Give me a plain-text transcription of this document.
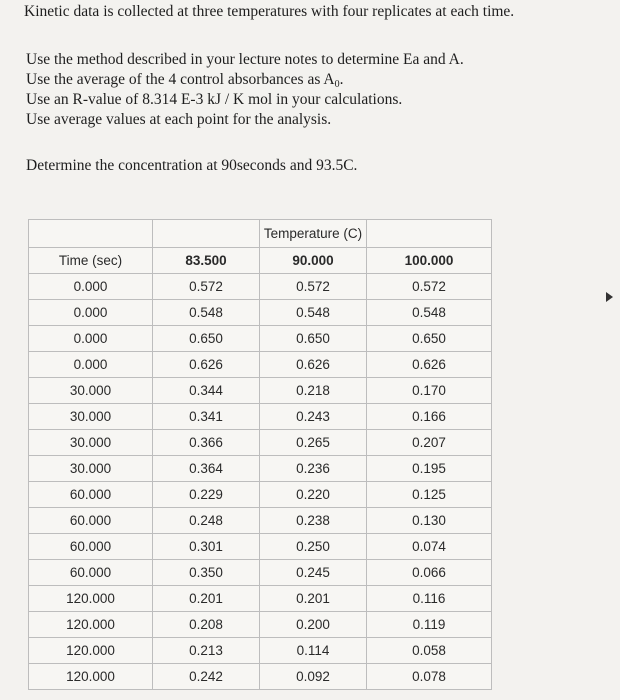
Kinetic data is collected at three temperatures with four replicates at each time.
Use the method described in your lecture notes to determine Ea and A.
Use the average of the 4 control absorbances as $A_0$.
Use an R-value of 8.314 E-3 kJ / K mol in your calculations.
Use average values at each point for the analysis.
Determine the concentration at 90seconds and 93.5C.
		Temperature (C)	
Time (sec)	83.500	90.000	100.000
0.000	0.572	0.572	0.572
0.000	0.548	0.548	0.548
0.000	0.650	0.650	0.650
0.000	0.626	0.626	0.626
30.000	0.344	0.218	0.170
30.000	0.341	0.243	0.166
30.000	0.366	0.265	0.207
30.000	0.364	0.236	0.195
60.000	0.229	0.220	0.125
60.000	0.248	0.238	0.130
60.000	0.301	0.250	0.074
60.000	0.350	0.245	0.066
120.000	0.201	0.201	0.116
120.000	0.208	0.200	0.119
120.000	0.213	0.114	0.058
120.000	0.242	0.092	0.078
